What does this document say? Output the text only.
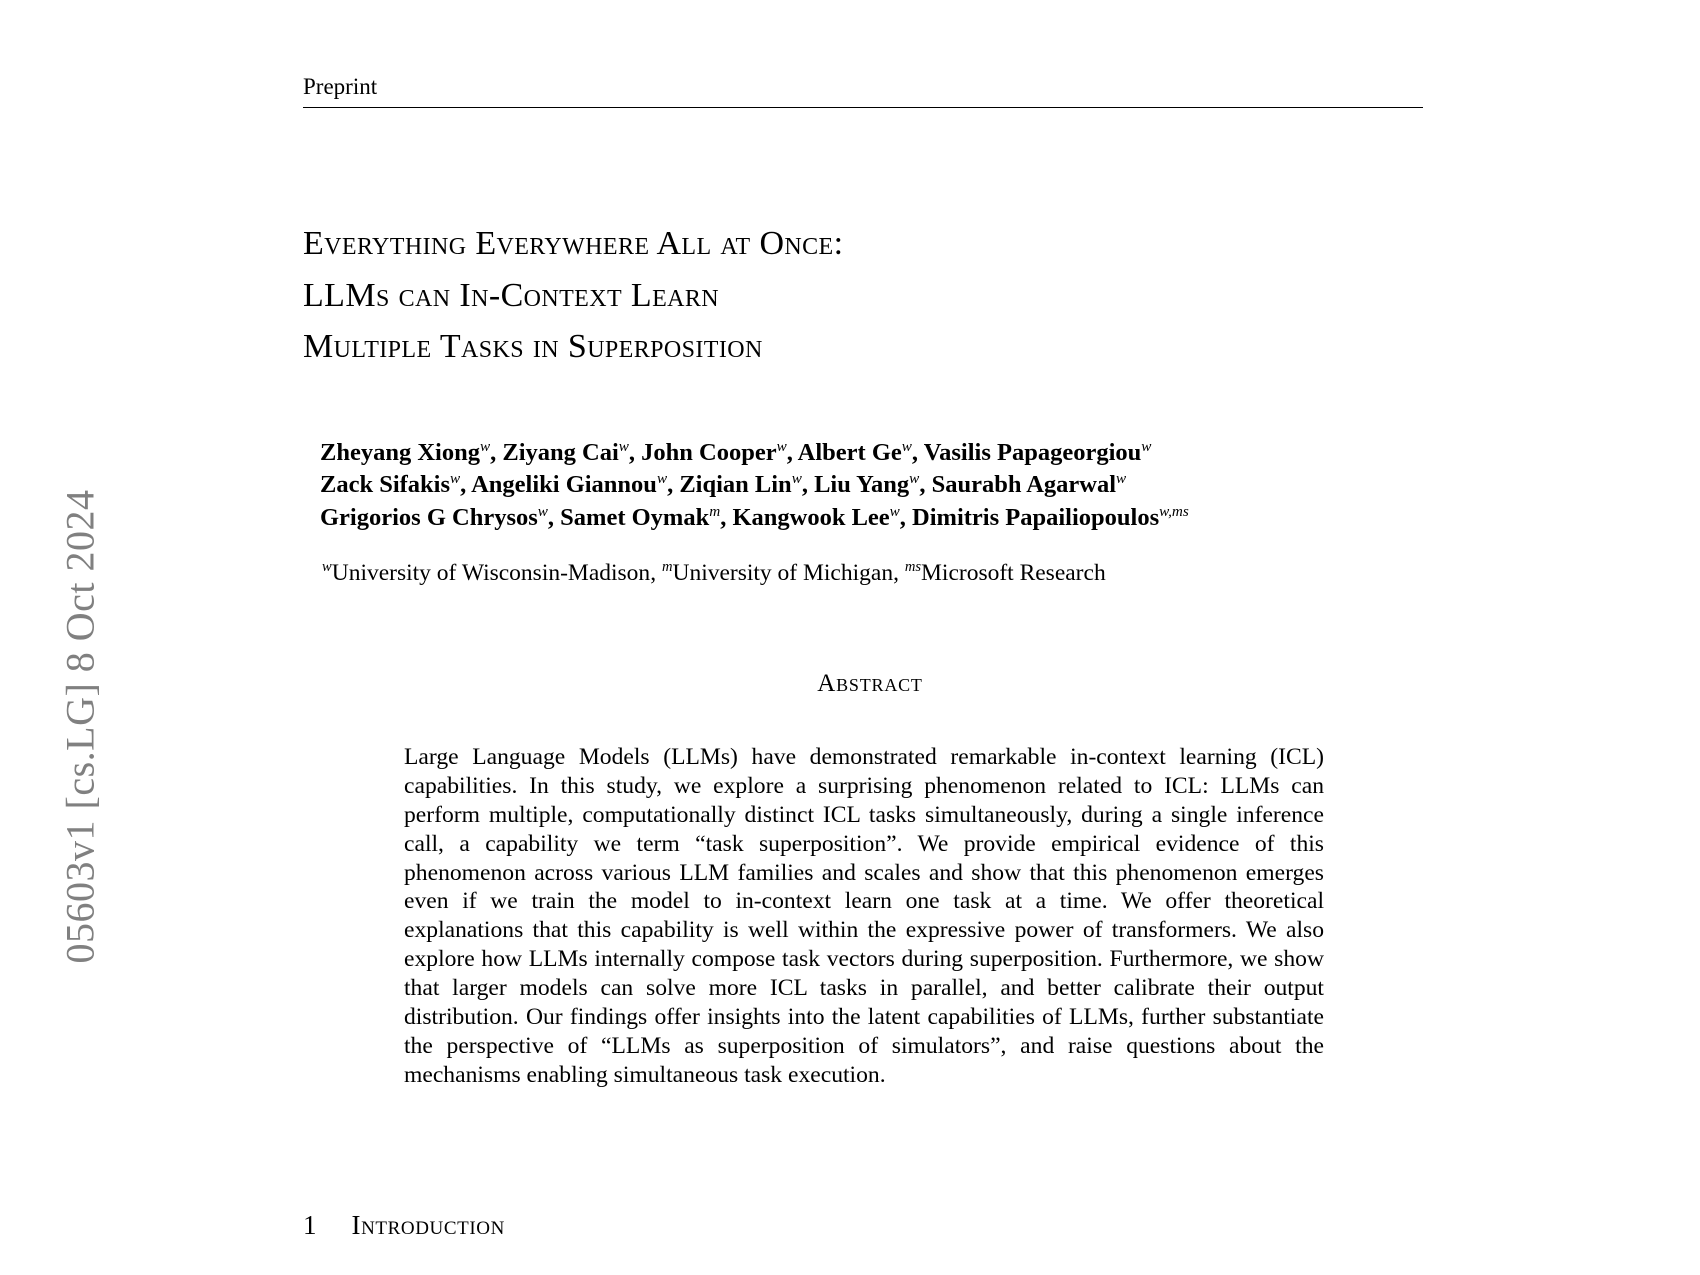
05603v1 [cs.LG] 8 Oct 2024
Preprint
Everything Everywhere All at Once:
LLMs can In-Context Learn
Multiple Tasks in Superposition
Zheyang Xiong$^w$, Ziyang Cai$^w$, John Cooper$^w$, Albert Ge$^w$, Vasilis Papageorgiou$^w$
Zack Sifakis$^w$, Angeliki Giannou$^w$, Ziqian Lin$^w$, Liu Yang$^w$, Saurabh Agarwal$^w$
Grigorios G Chrysos$^w$, Samet Oymak$^m$, Kangwook Lee$^w$, Dimitris Papailiopoulos$^{w,ms}$
$^w$University of Wisconsin-Madison, $^m$University of Michigan, $^{ms}$Microsoft Research
Abstract
Large Language Models (LLMs) have demonstrated remarkable in-context learning (ICL) capabilities. In this study, we explore a surprising phenomenon related to ICL: LLMs can perform multiple, computationally distinct ICL tasks simultaneously, during a single inference call, a capability we term “task superposition”. We provide empirical evidence of this phenomenon across various LLM families and scales and show that this phenomenon emerges even if we train the model to in-context learn one task at a time. We offer theoretical explanations that this capability is well within the expressive power of transformers. We also explore how LLMs internally compose task vectors during superposition. Furthermore, we show that larger models can solve more ICL tasks in parallel, and better calibrate their output distribution. Our findings offer insights into the latent capabilities of LLMs, further substantiate the perspective of “LLMs as superposition of simulators”, and raise questions about the mechanisms enabling simultaneous task execution.
1 Introduction
